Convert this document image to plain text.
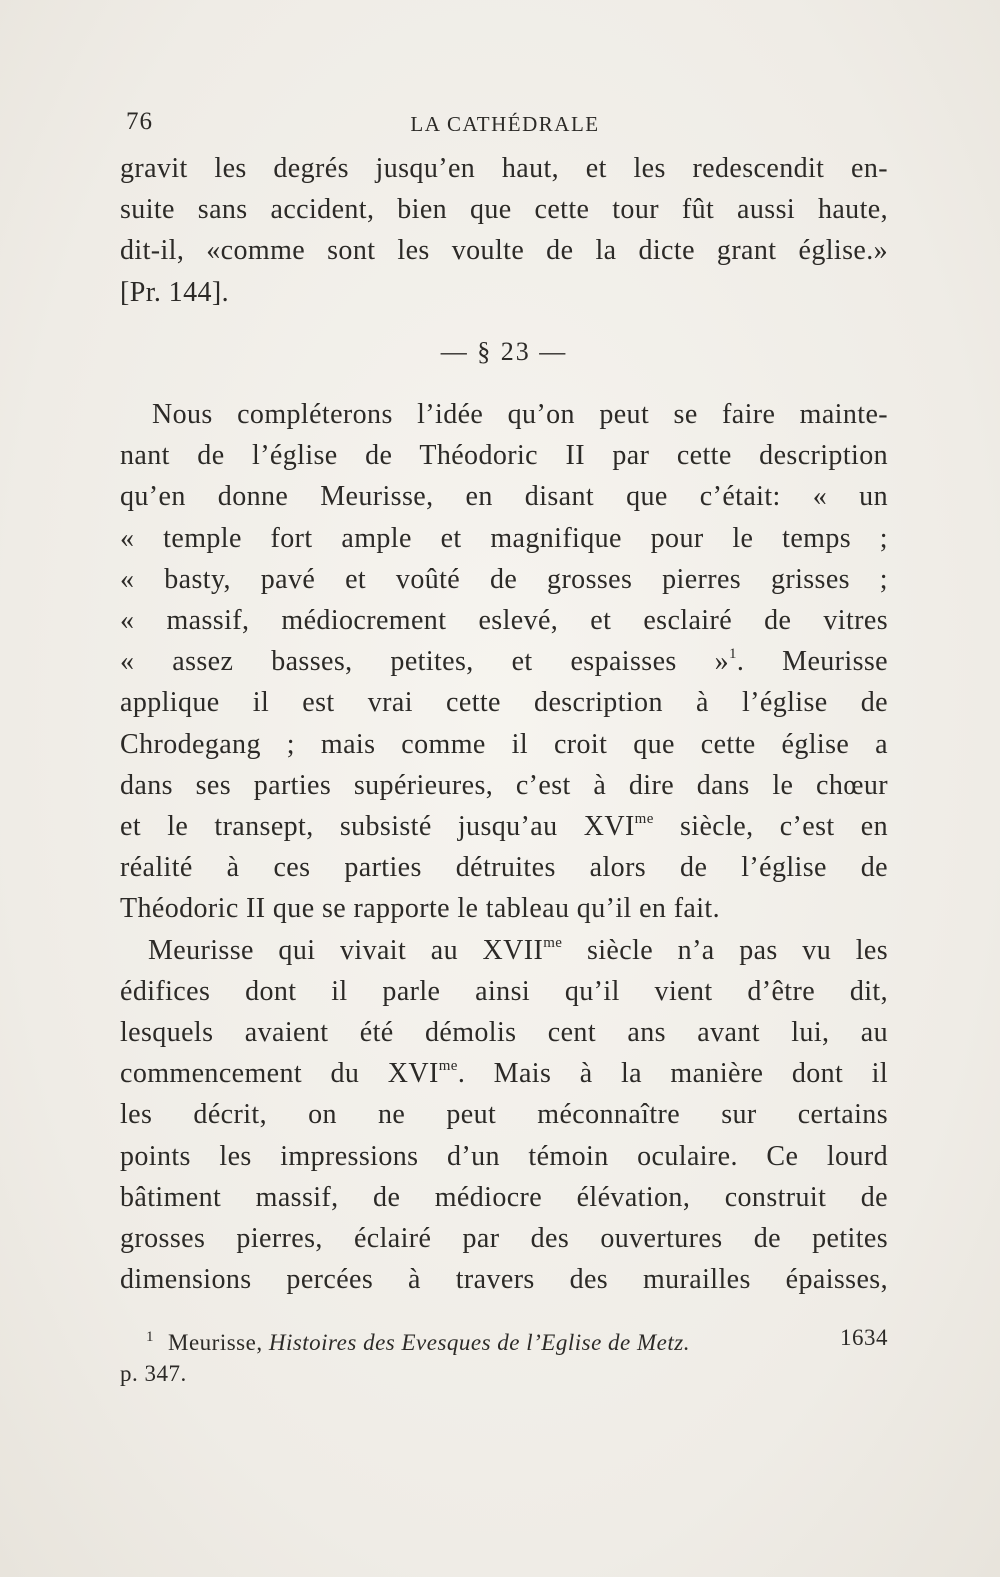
76	LA CATHÉDRALE

gravit les degrés jusqu’en haut, et les redescendit en-
suite sans accident, bien que cette tour fût aussi haute,
dit-il, «comme sont les voulte de la dicte grant église.»
[Pr. 144].

— § 23 —

Nous compléterons l’idée qu’on peut se faire mainte-
nant de l’église de Théodoric II par cette description
qu’en donne Meurisse, en disant que c’était: « un
« temple fort ample et magnifique pour le temps ;
« basty, pavé et voûté de grosses pierres grisses ;
« massif, médiocrement eslevé, et esclairé de vitres
« assez basses, petites, et espaisses »$^1$. Meurisse
applique il est vrai cette description à l’église de
Chrodegang ; mais comme il croit que cette église a
dans ses parties supérieures, c’est à dire dans le chœur
et le transept, subsisté jusqu’au $XVI^{me}$ siècle, c’est en
réalité à ces parties détruites alors de l’église de
Théodoric II que se rapporte le tableau qu’il en fait.

Meurisse qui vivait au $XVII^{me}$ siècle n’a pas vu les
édifices dont il parle ainsi qu’il vient d’être dit,
lesquels avaient été démolis cent ans avant lui, au
commencement du $XVI^{me}$. Mais à la manière dont il
les décrit, on ne peut méconnaître sur certains
points les impressions d’un témoin oculaire. Ce lourd
bâtiment massif, de médiocre élévation, construit de
grosses pierres, éclairé par des ouvertures de petites
dimensions percées à travers des murailles épaisses,

$^1$ Meurisse, Histoires des Evesques de l’Eglise de Metz.	1634

p. 347.
